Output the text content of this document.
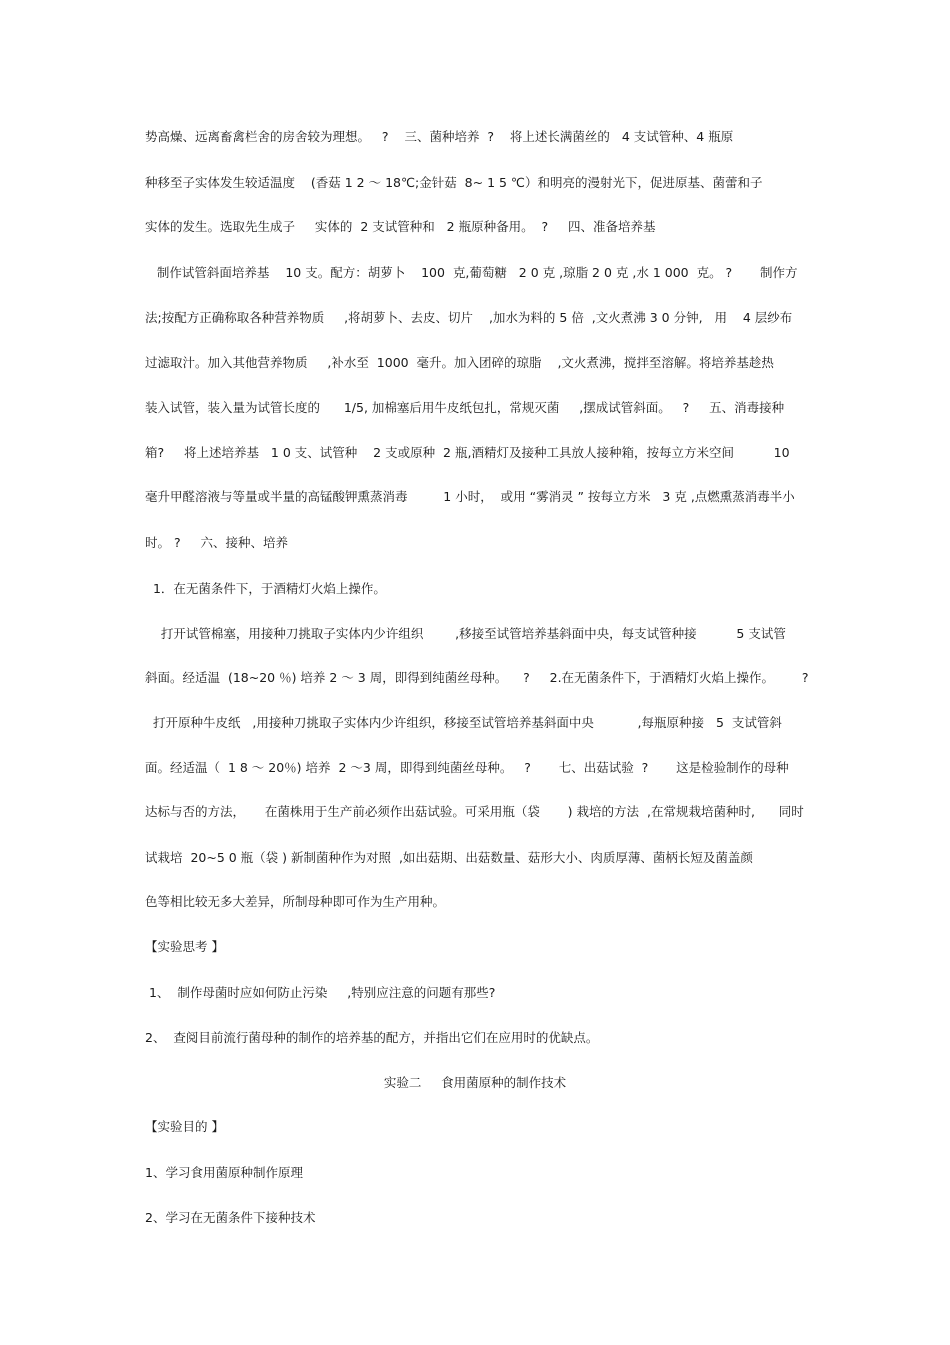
势高燥、远离畜禽栏舍的房舍较为理想。   ?    三、菌种培养  ?    将上述长满菌丝的   4 支试管种、4 瓶原
种移至子实体发生较适温度    (香菇 1 2 ～ 18℃;金针菇  8~ 1 5 ℃）和明亮的漫射光下，促进原基、菌蕾和子
实体的发生。选取先生成子     实体的  2 支试管种和   2 瓶原种备用。  ?     四、准备培养基
制作试管斜面培养基    10 支。配方：胡萝卜    100  克,葡萄糖   2 0 克 ,琼脂 2 0 克 ,水 1 000  克。 ?       制作方
法;按配方正确称取各种营养物质     ,将胡萝卜、去皮、切片    ,加水为料的 5 倍  ,文火煮沸 3 0 分钟,   用    4 层纱布
过滤取汁。加入其他营养物质     ,补水至  1000  毫升。加入团碎的琼脂    ,文火煮沸，搅拌至溶解。将培养基趁热
装入试管，装入量为试管长度的      1/5, 加棉塞后用牛皮纸包扎，常规灭菌     ,摆成试管斜面。   ?     五、消毒接种
箱?     将上述培养基   1 0 支、试管种    2 支或原种  2 瓶,酒精灯及接种工具放人接种箱，按每立方米空间          10
毫升甲醛溶液与等量或半量的高锰酸钾熏蒸消毒         1 小时，  或用 “雾消灵 ” 按每立方米   3 克 ,点燃熏蒸消毒半小
时。 ?     六、接种、培养
1．在无菌条件下，于酒精灯火焰上操作。
打开试管棉塞，用接种刀挑取子实体内少许组织        ,移接至试管培养基斜面中央，每支试管种接          5 支试管
斜面。经适温  (18~20 ％) 培养 2 ～ 3 周，即得到纯菌丝母种。    ?     2.在无菌条件下，于酒精灯火焰上操作。       ?
打开原种牛皮纸   ,用接种刀挑取子实体内少许组织，移接至试管培养基斜面中央           ,每瓶原种接   5  支试管斜
面。经适温（  1 8 ～ 20％) 培养  2 ～3 周，即得到纯菌丝母种。   ?       七、出菇试验  ?       这是检验制作的母种
达标与否的方法，     在菌株用于生产前必须作出菇试验。可采用瓶（袋       ) 栽培的方法  ,在常规栽培菌种时,      同时
试栽培  20~5 0 瓶（袋 ) 新制菌种作为对照  ,如出菇期、出菇数量、菇形大小、肉质厚薄、菌柄长短及菌盖颜
色等相比较无多大差异，所制母种即可作为生产用种。
【实验思考 】
1、  制作母菌时应如何防止污染     ,特别应注意的问题有那些?
2、  查阅目前流行菌母种的制作的培养基的配方，并指出它们在应用时的优缺点。
实验二     食用菌原种的制作技术
【实验目的 】
1、学习食用菌原种制作原理
2、学习在无菌条件下接种技术
